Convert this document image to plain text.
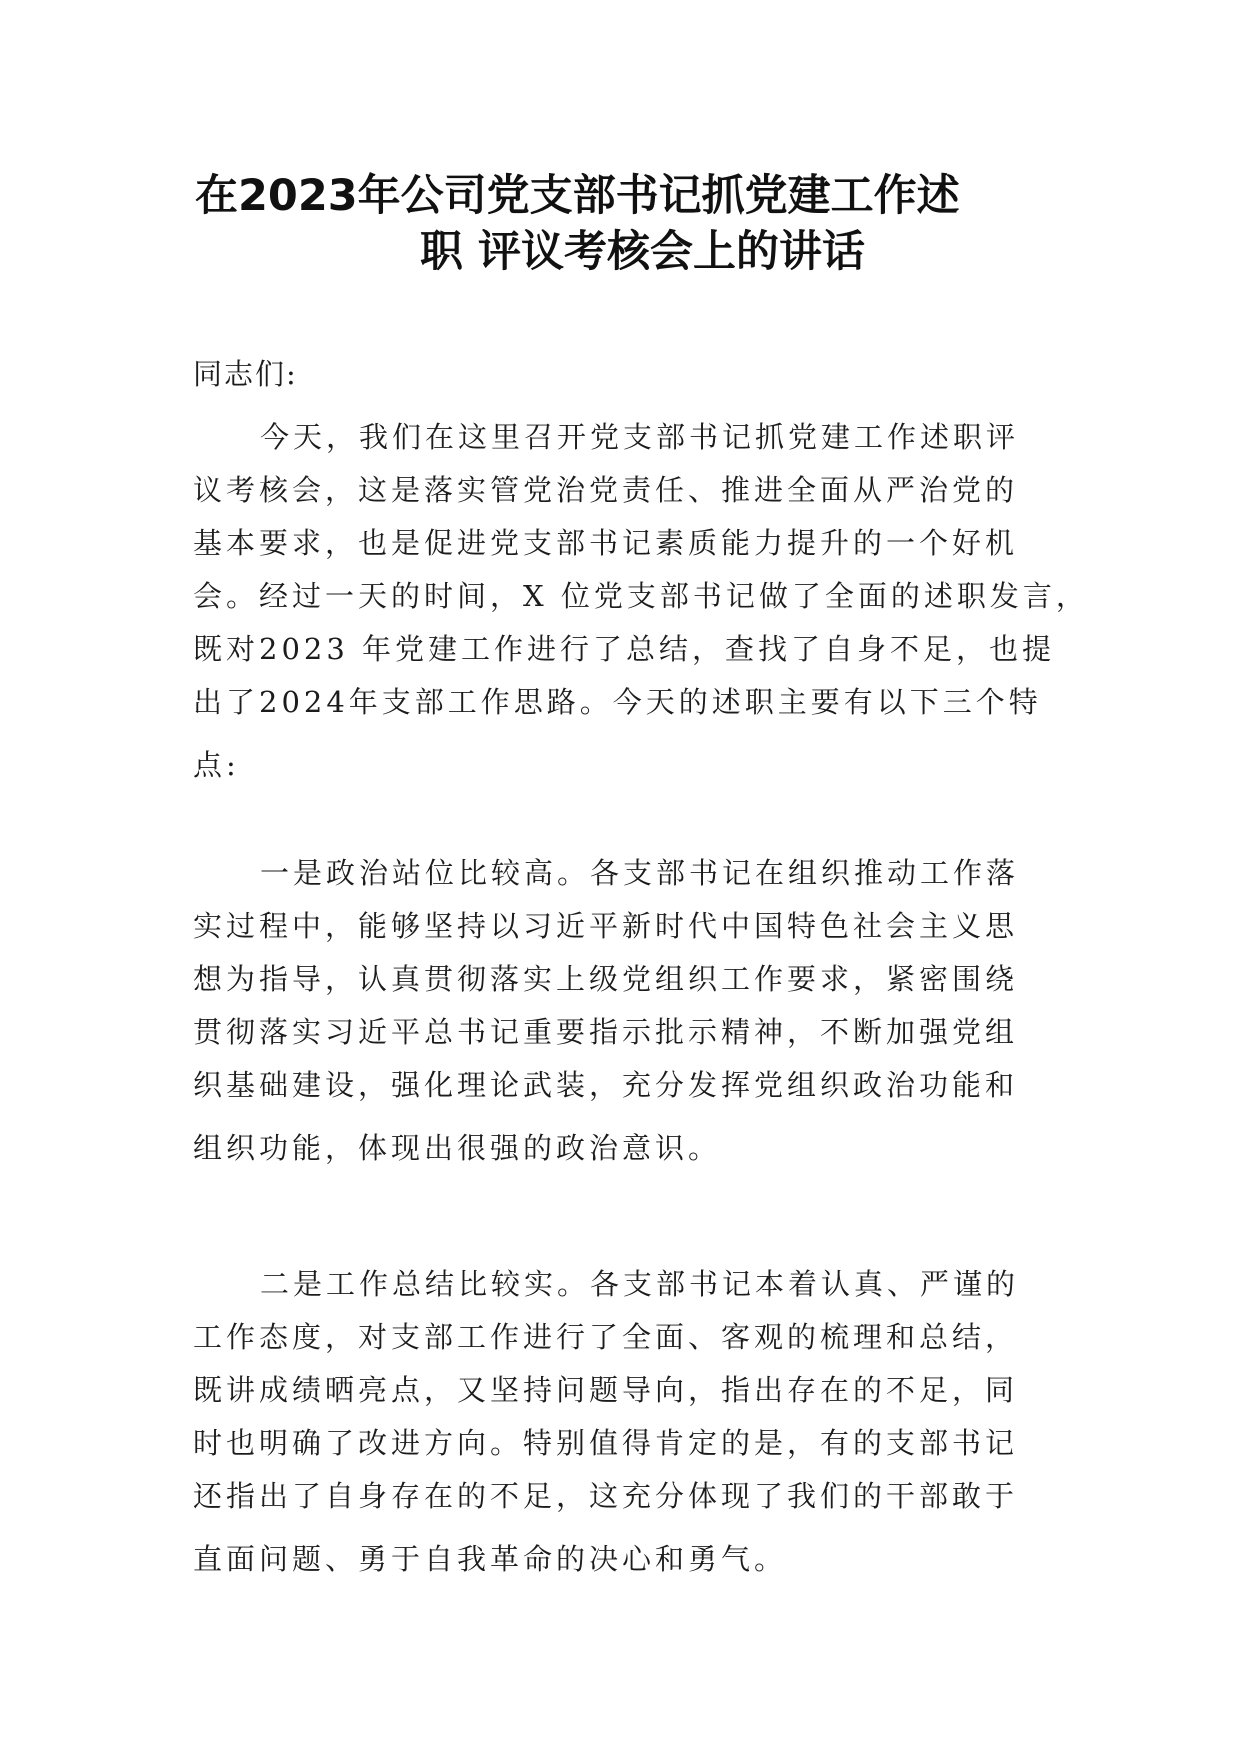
在2023年公司党支部书记抓党建工作述
职 评议考核会上的讲话
同志们:
今天，我们在这里召开党支部书记抓党建工作述职评
议考核会，这是落实管党治党责任、推进全面从严治党的
基本要求，也是促进党支部书记素质能力提升的一个好机
会。经过一天的时间，X 位党支部书记做了全面的述职发言，
既对2023 年党建工作进行了总结，查找了自身不足，也提
出了2024年支部工作思路。今天的述职主要有以下三个特
点:
一是政治站位比较高。各支部书记在组织推动工作落
实过程中，能够坚持以习近平新时代中国特色社会主义思
想为指导，认真贯彻落实上级党组织工作要求，紧密围绕
贯彻落实习近平总书记重要指示批示精神，不断加强党组
织基础建设，强化理论武装，充分发挥党组织政治功能和
组织功能，体现出很强的政治意识。
二是工作总结比较实。各支部书记本着认真、严谨的
工作态度，对支部工作进行了全面、客观的梳理和总结，
既讲成绩晒亮点，又坚持问题导向，指出存在的不足，同
时也明确了改进方向。特别值得肯定的是，有的支部书记
还指出了自身存在的不足，这充分体现了我们的干部敢于
直面问题、勇于自我革命的决心和勇气。
